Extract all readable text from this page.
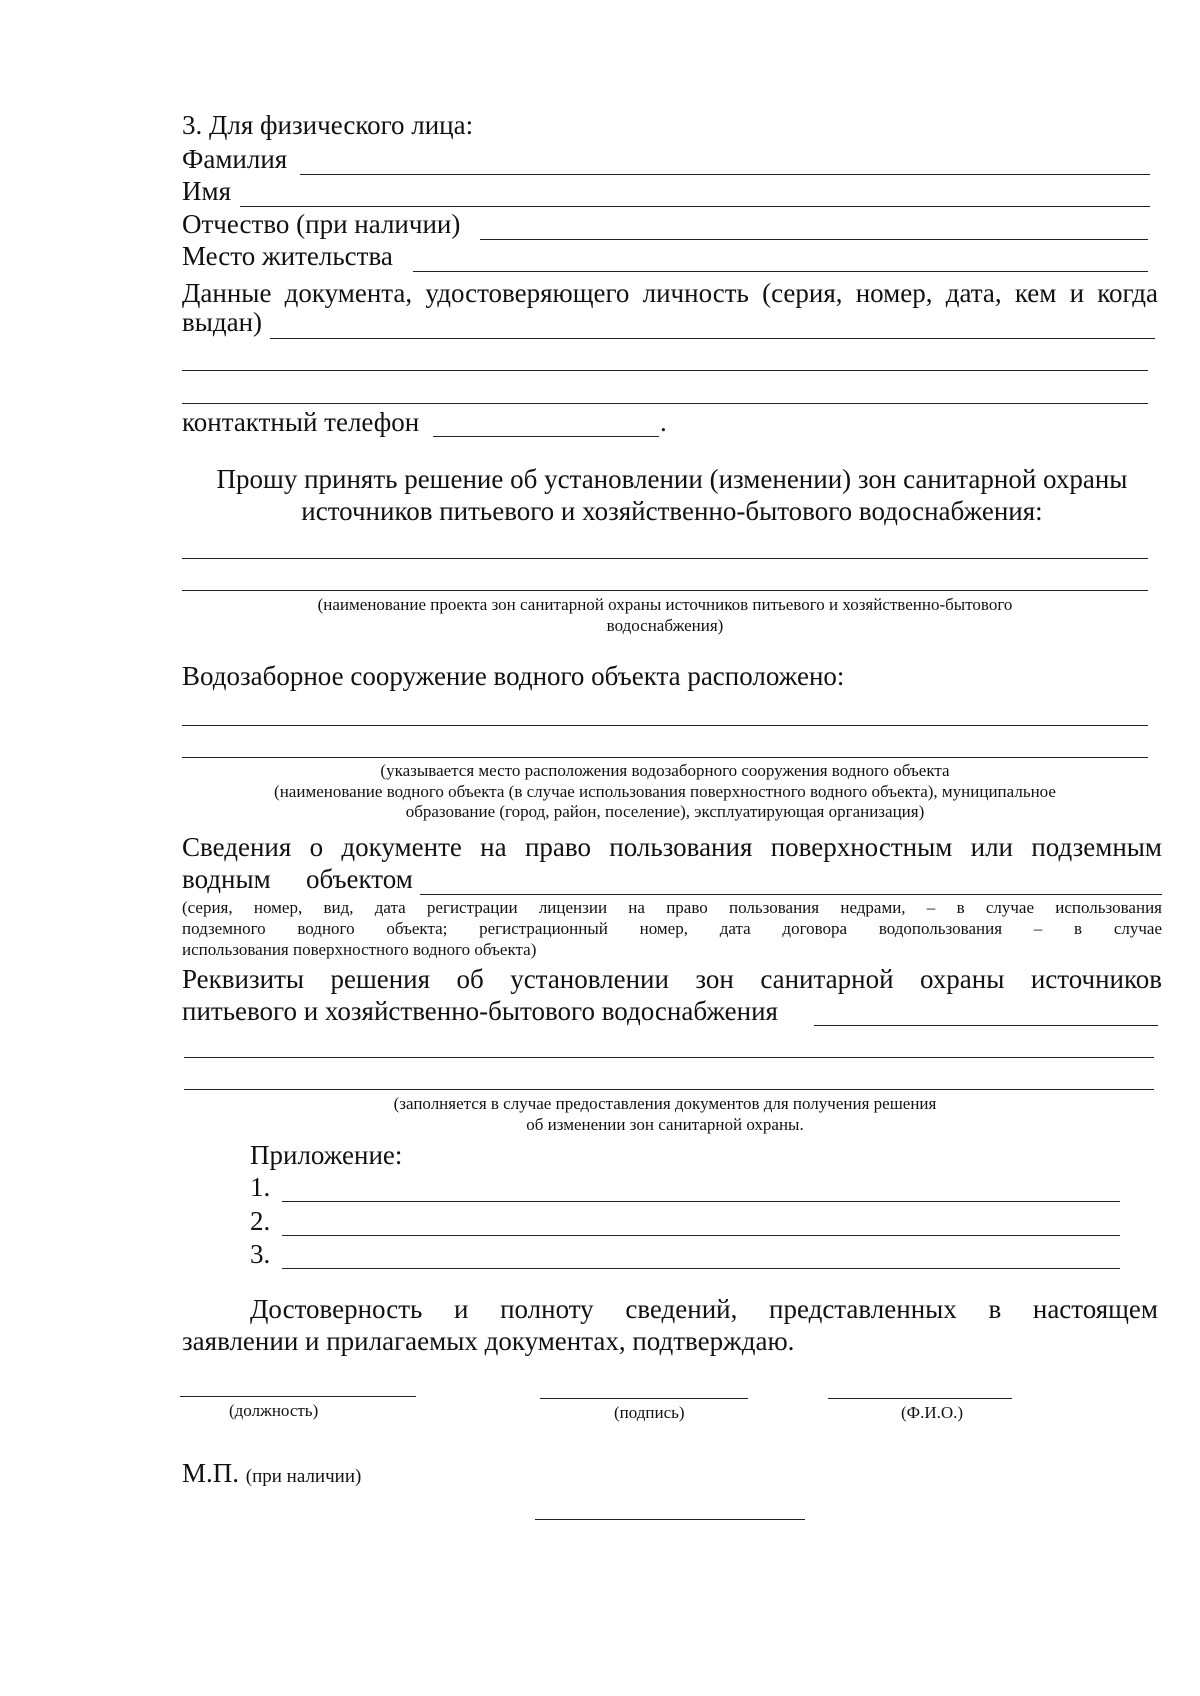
3. Для физического лица:
Фамилия
Имя
Отчество (при наличии)
Место жительства
Данные документа, удостоверяющего личность (серия, номер, дата, кем и когда
выдан)
контактный телефон	.
Прошу принять решение об установлении (изменении) зон санитарной охраны
источников питьевого и хозяйственно-бытового водоснабжения:
(наименование проекта зон санитарной охраны источников питьевого и хозяйственно-бытового
водоснабжения)
Водозаборное сооружение водного объекта расположено:
(указывается место расположения водозаборного сооружения водного объекта
(наименование водного объекта (в случае использования поверхностного водного объекта), муниципальное
образование (город, район, поселение), эксплуатирующая организация)
Сведения о документе на право пользования поверхностным или подземным
водным объектом
(серия, номер, вид, дата регистрации лицензии на право пользования недрами, – в случае использования
подземного водного объекта; регистрационный номер, дата договора водопользования – в случае
использования поверхностного водного объекта)
Реквизиты решения об установлении зон санитарной охраны источников
питьевого и хозяйственно-бытового водоснабжения
(заполняется в случае предоставления документов для получения решения
об изменении зон санитарной охраны.
Приложение:
1.
2.
3.
Достоверность и полноту сведений, представленных в настоящем
заявлении и прилагаемых документах, подтверждаю.
(должность)	(подпись)	(Ф.И.О.)
М.П. (при наличии)
